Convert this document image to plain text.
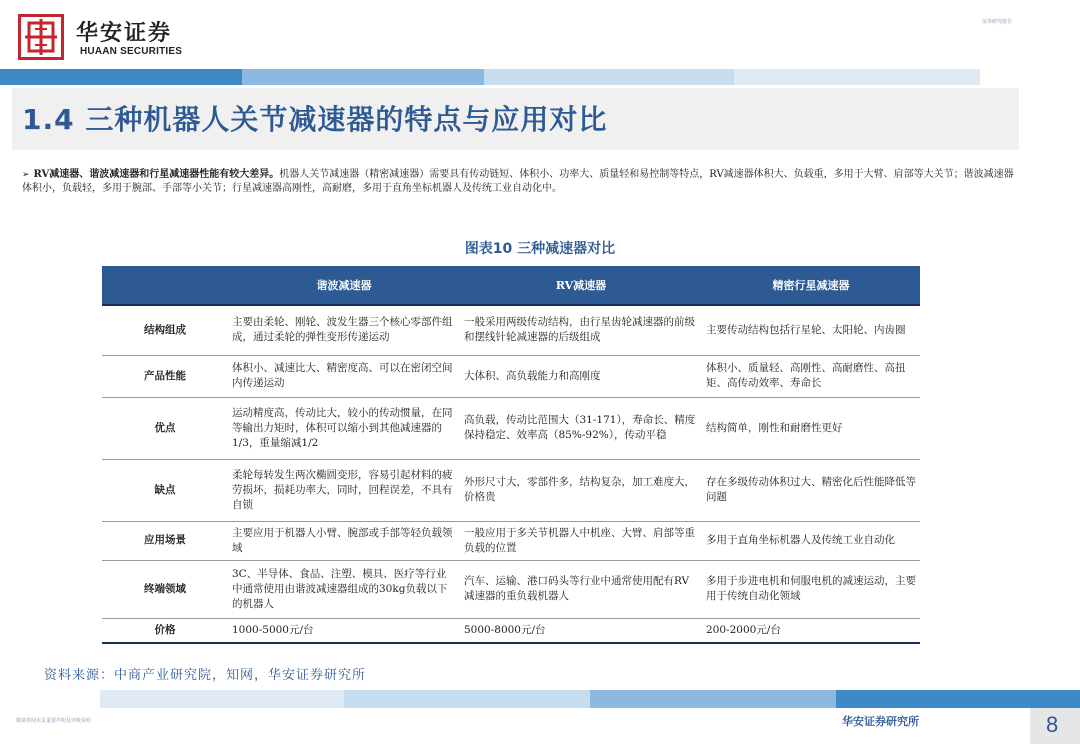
华安证券
HUAAN SECURITIES
证券研究报告
1.4 三种机器人关节减速器的特点与应用对比
➢ RV减速器、谐波减速器和行星减速器性能有较大差异。机器人关节减速器（精密减速器）需要具有传动链短、体积小、功率大、质量轻和易控制等特点，RV减速器体积大、负载重，多用于大臂、肩部等大关节；谐波减速器体积小，负载轻，多用于腕部、手部等小关节；行星减速器高刚性，高耐磨，多用于直角坐标机器人及传统工业自动化中。
图表10 三种减速器对比
	谐波减速器	RV减速器	精密行星减速器
结构组成	主要由柔轮、刚轮、波发生器三个核心零部件组成，通过柔轮的弹性变形传递运动	一般采用两级传动结构，由行星齿轮减速器的前级和摆线针轮减速器的后级组成	主要传动结构包括行星轮、太阳轮、内齿圈
产品性能	体积小、减速比大、精密度高、可以在密闭空间内传递运动	大体积、高负载能力和高刚度	体积小、质量轻、高刚性、高耐磨性、高扭矩、高传动效率、寿命长
优点	运动精度高，传动比大，较小的传动惯量，在同等输出力矩时，体积可以缩小到其他减速器的1/3，重量缩减1/2	高负载，传动比范围大（31-171），寿命长、精度保持稳定、效率高（85%-92%），传动平稳	结构简单，刚性和耐磨性更好
缺点	柔轮每转发生两次椭圆变形，容易引起材料的疲劳损坏，损耗功率大，同时，回程误差，不具有自锁	外形尺寸大，零部件多，结构复杂，加工难度大，价格贵	存在多级传动体积过大、精密化后性能降低等问题
应用场景	主要应用于机器人小臂、腕部或手部等轻负载领域	一般应用于多关节机器人中机座、大臂、肩部等重负载的位置	多用于直角坐标机器人及传统工业自动化
终端领域	3C、半导体、食品、注塑、模具、医疗等行业中通常使用由谐波减速器组成的30kg负载以下的机器人	汽车、运输、港口码头等行业中通常使用配有RV减速器的重负载机器人	多用于步进电机和伺服电机的减速运动，主要用于传统自动化领域
价格	1000-5000元/台	5000-8000元/台	200-2000元/台
资料来源：中商产业研究院，知网，华安证券研究所
敬请参阅末页重要声明及评级说明	华安证券研究所	8
